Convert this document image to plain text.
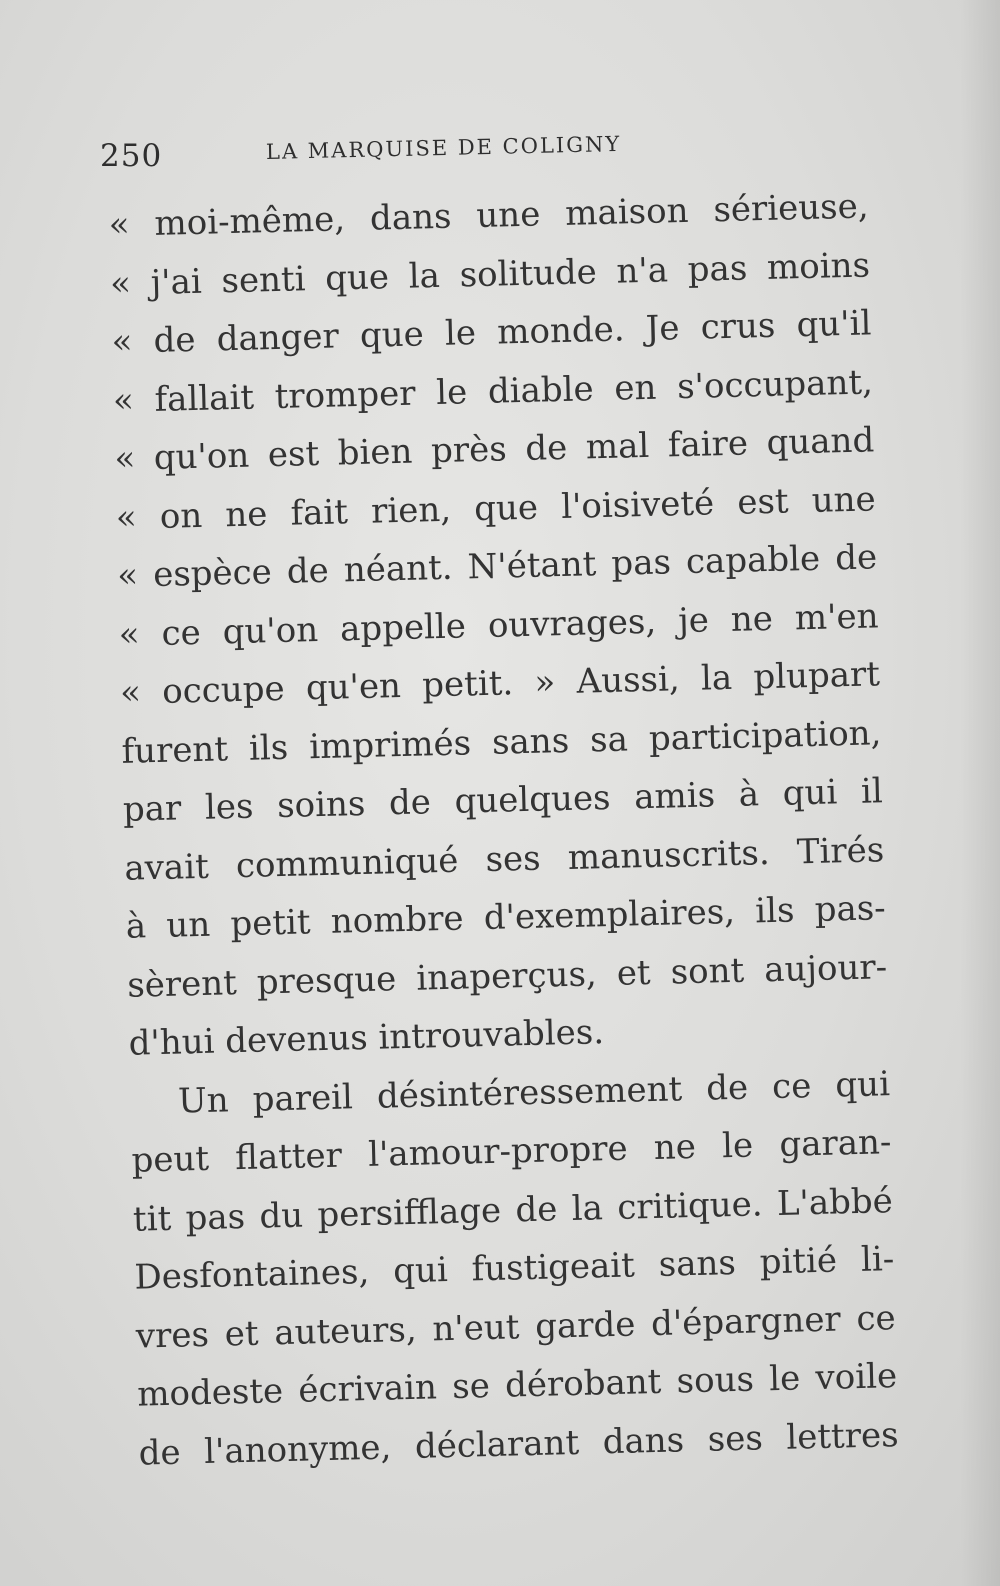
250	LA MARQUISE DE COLIGNY
« moi-même, dans une maison sérieuse,
« j'ai senti que la solitude n'a pas moins
« de danger que le monde. Je crus qu'il
« fallait tromper le diable en s'occupant,
« qu'on est bien près de mal faire quand
« on ne fait rien, que l'oisiveté est une
« espèce de néant. N'étant pas capable de
« ce qu'on appelle ouvrages, je ne m'en
« occupe qu'en petit. » Aussi, la plupart
furent ils imprimés sans sa participation,
par les soins de quelques amis à qui il
avait communiqué ses manuscrits. Tirés
à un petit nombre d'exemplaires, ils pas-
sèrent presque inaperçus, et sont aujour-
d'hui devenus introuvables.
Un pareil désintéressement de ce qui
peut flatter l'amour-propre ne le garan-
tit pas du persifflage de la critique. L'abbé
Desfontaines, qui fustigeait sans pitié li-
vres et auteurs, n'eut garde d'épargner ce
modeste écrivain se dérobant sous le voile
de l'anonyme, déclarant dans ses lettres
